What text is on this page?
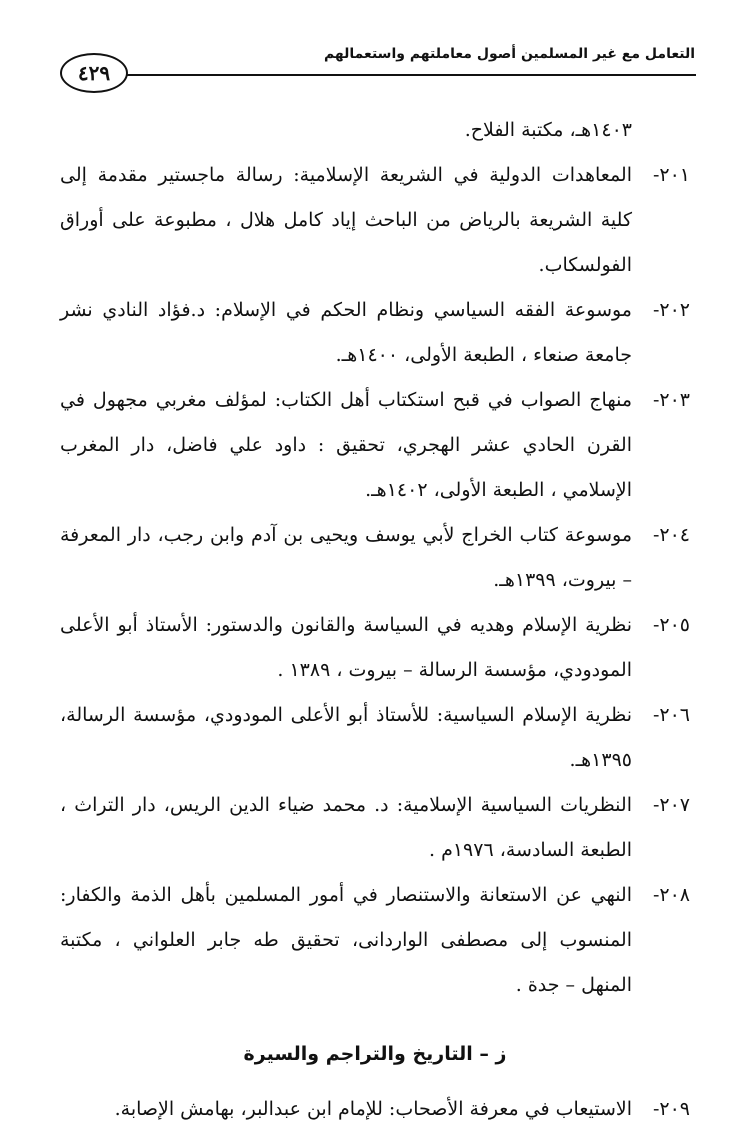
٤٢٩
التعامل مع غير المسلمين أصول معاملتهم واستعمالهم
١٤٠٣هـ، مكتبة الفلاح.
٢٠١-
المعاهدات الدولية في الشريعة الإسلامية: رسالة ماجستير مقدمة إلى كلية الشريعة بالرياض من الباحث إياد كامل هلال ، مطبوعة على أوراق الفولسكاب.
٢٠٢-
موسوعة الفقه السياسي ونظام الحكم في الإسلام: د.فؤاد النادي نشر جامعة صنعاء ، الطبعة الأولى، ١٤٠٠هـ.
٢٠٣-
منهاج الصواب في قبح استكتاب أهل الكتاب: لمؤلف مغربي مجهول في القرن الحادي عشر الهجري، تحقيق : داود علي فاضل، دار المغرب الإسلامي ، الطبعة الأولى، ١٤٠٢هـ.
٢٠٤-
موسوعة كتاب الخراج لأبي يوسف ويحيى بن آدم وابن رجب، دار المعرفة – بيروت، ١٣٩٩هـ.
٢٠٥-
نظرية الإسلام وهديه في السياسة والقانون والدستور: الأستاذ أبو الأعلى المودودي، مؤسسة الرسالة – بيروت ، ١٣٨٩ .
٢٠٦-
نظرية الإسلام السياسية: للأستاذ أبو الأعلى المودودي، مؤسسة الرسالة، ١٣٩٥هـ.
٢٠٧-
النظريات السياسية الإسلامية: د. محمد ضياء الدين الريس، دار التراث ، الطبعة السادسة، ١٩٧٦م .
٢٠٨-
النهي عن الاستعانة والاستنصار في أمور المسلمين بأهل الذمة والكفار: المنسوب إلى مصطفى الواردانى، تحقيق طه جابر العلواني ، مكتبة المنهل – جدة .
ز – التاريخ والتراجم والسيرة
٢٠٩-
الاستيعاب في معرفة الأصحاب: للإمام ابن عبدالبر، بهامش الإصابة.
